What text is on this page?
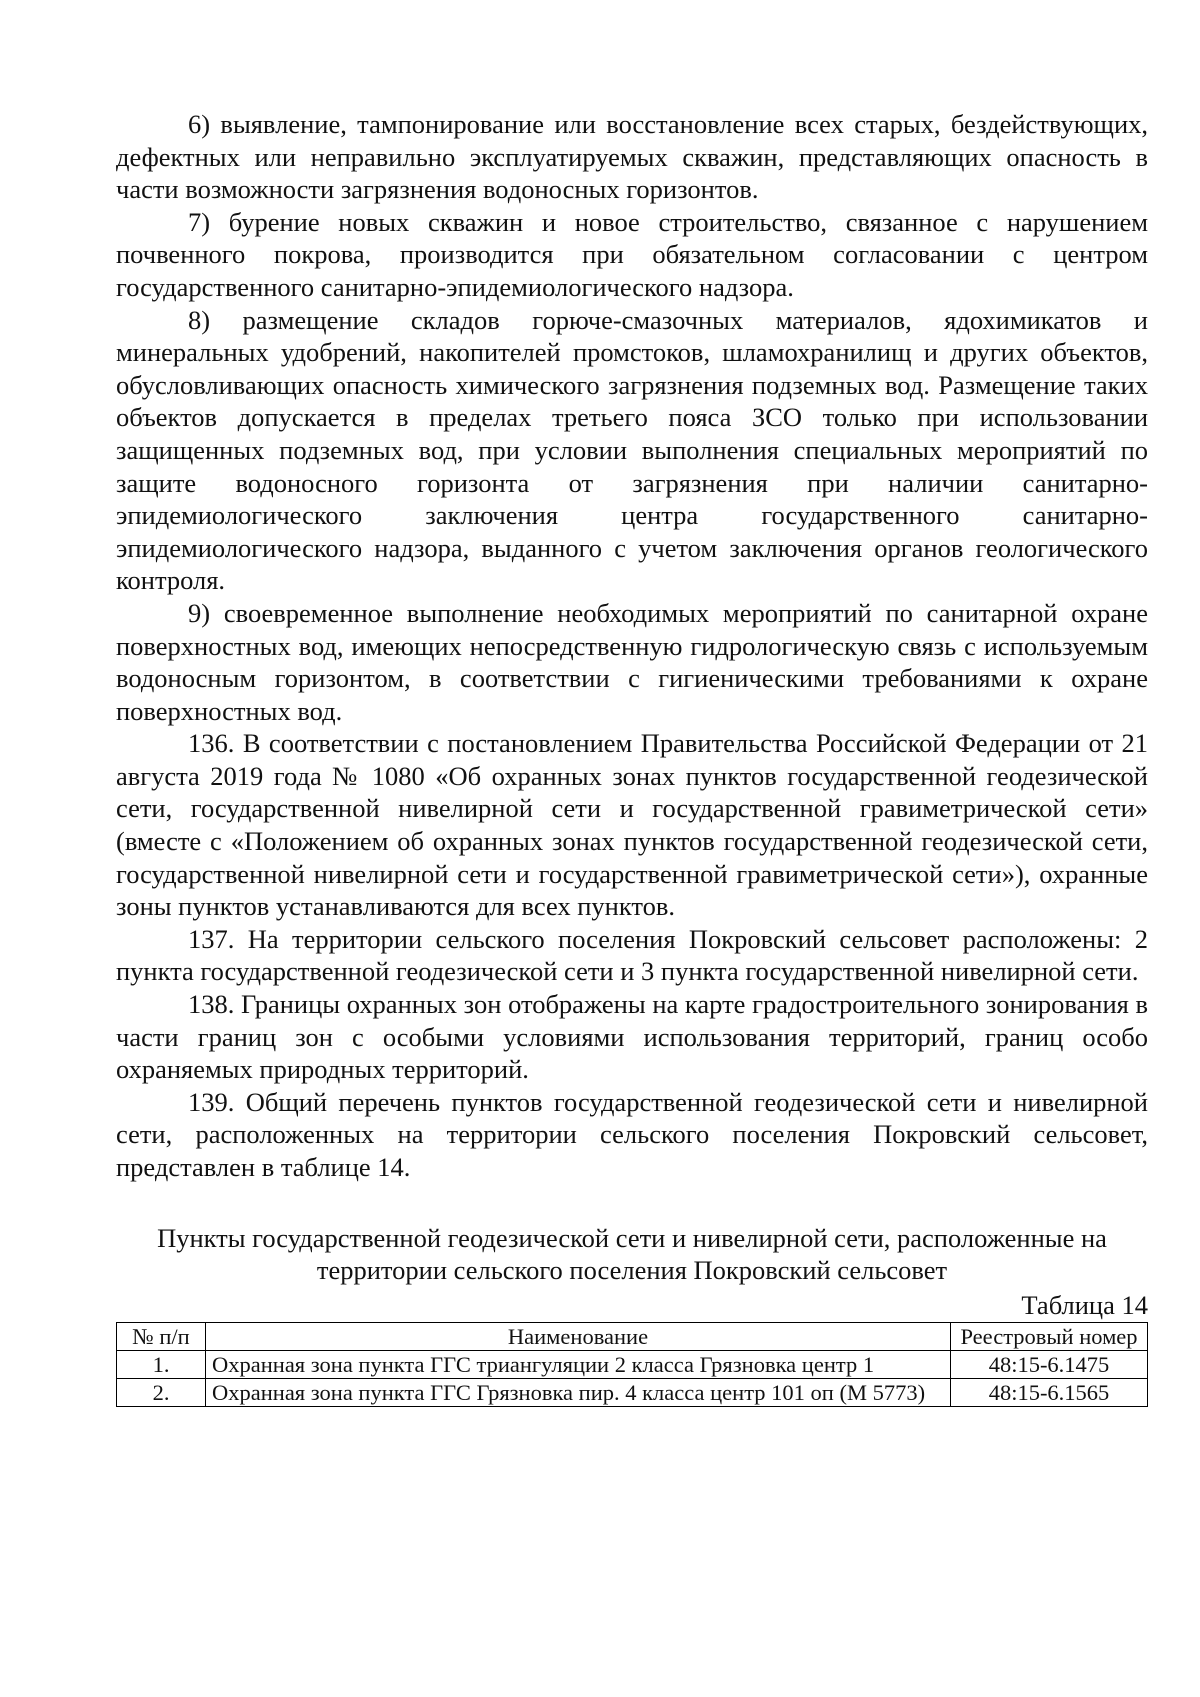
6) выявление, тампонирование или восстановление всех старых, бездействующих, дефектных или неправильно эксплуатируемых скважин, представляющих опасность в части возможности загрязнения водоносных горизонтов.

7) бурение новых скважин и новое строительство, связанное с нарушением почвенного покрова, производится при обязательном согласовании с центром государственного санитарно-эпидемиологического надзора.

8) размещение складов горюче-смазочных материалов, ядохимикатов и минеральных удобрений, накопителей промстоков, шламохранилищ и других объектов, обусловливающих опасность химического загрязнения подземных вод. Размещение таких объектов допускается в пределах третьего пояса ЗСО только при использовании защищенных подземных вод, при условии выполнения специальных мероприятий по защите водоносного горизонта от загрязнения при наличии санитарно-эпидемиологического заключения центра государственного санитарно-эпидемиологического надзора, выданного с учетом заключения органов геологического контроля.

9) своевременное выполнение необходимых мероприятий по санитарной охране поверхностных вод, имеющих непосредственную гидрологическую связь с используемым водоносным горизонтом, в соответствии с гигиеническими требованиями к охране поверхностных вод.

136. В соответствии с постановлением Правительства Российской Федерации от 21 августа 2019 года № 1080 «Об охранных зонах пунктов государственной геодезической сети, государственной нивелирной сети и государственной гравиметрической сети» (вместе с «Положением об охранных зонах пунктов государственной геодезической сети, государственной нивелирной сети и государственной гравиметрической сети»), охранные зоны пунктов устанавливаются для всех пунктов.

137. На территории сельского поселения Покровский сельсовет расположены: 2 пункта государственной геодезической сети и 3 пункта государственной нивелирной сети.

138. Границы охранных зон отображены на карте градостроительного зонирования в части границ зон с особыми условиями использования территорий, границ особо охраняемых природных территорий.

139. Общий перечень пунктов государственной геодезической сети и нивелирной сети, расположенных на территории сельского поселения Покровский сельсовет, представлен в таблице 14.

Пункты государственной геодезической сети и нивелирной сети, расположенные на территории сельского поселения Покровский сельсовет

Таблица 14

№ п/п	Наименование	Реестровый номер
1.	Охранная зона пункта ГГС триангуляции 2 класса Грязновка центр 1	48:15-6.1475
2.	Охранная зона пункта ГГС Грязновка пир. 4 класса центр 101 оп (М 5773)	48:15-6.1565
